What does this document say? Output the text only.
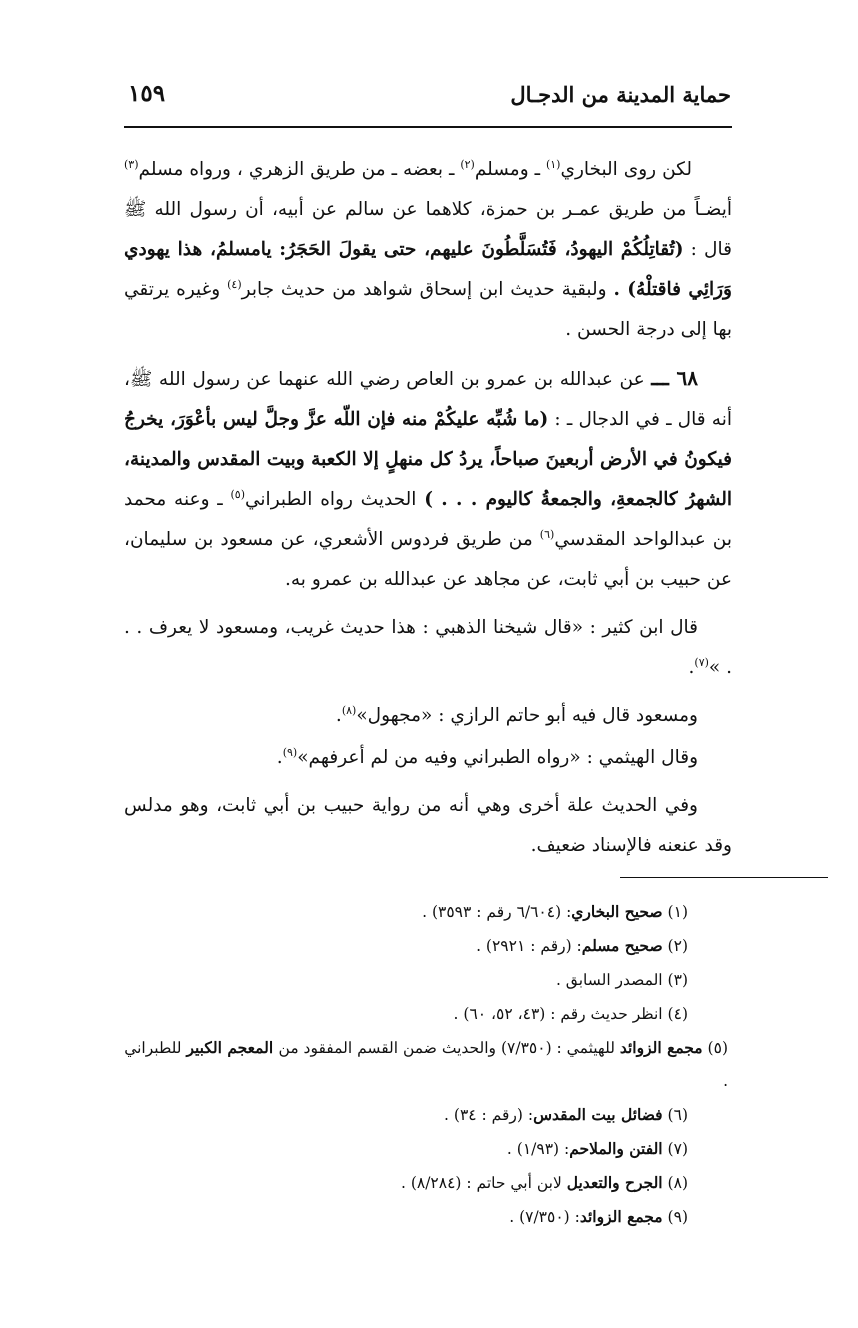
حماية المدينة من الدجـال
١٥٩

لكن روى البخاري$^{(١)}$ ـ ومسلم$^{(٢)}$ ـ بعضه ـ من طريق الزهري ، ورواه مسلم$^{(٣)}$ أيضـاً من طريق عمـر بن حمزة، كلاهما عن سالم عن أبيه، أن رسول الله ﷺ قال : (تُقاتِلُكُمْ اليهودُ، فَتُسَلَّطُونَ عليهم، حتى يقولَ الحَجَرُ: يامسلمُ، هذا يهودي وَرَائِي فاقتلْهُ) . ولبقية حديث ابن إسحاق شواهد من حديث جابر$^{(٤)}$ وغيره يرتقي بها إلى درجة الحسن .

٦٨ ـــ عن عبدالله بن عمرو بن العاص رضي الله عنهما عن رسول الله ﷺ، أنه قال ـ في الدجال ـ : (ما شُبِّه عليكُمْ منه فإن اللّه عزَّ وجلَّ ليس بأعْوَرَ، يخرجُ فيكونُ في الأرض أربعينَ صباحاً، يردُ كل منهلٍ إلا الكعبة وبيت المقدس والمدينة، الشهرُ كالجمعةِ، والجمعةُ كاليوم . . . ) الحديث رواه الطبراني$^{(٥)}$ ـ وعنه محمد بن عبدالواحد المقدسي$^{(٦)}$ من طريق فردوس الأشعري، عن مسعود بن سليمان، عن حبيب بن أبي ثابت، عن مجاهد عن عبدالله بن عمرو به.

قال ابن كثير : «قال شيخنا الذهبي : هذا حديث غريب، ومسعود لا يعرف . . . »$^{(٧)}$.

ومسعود قال فيه أبو حاتم الرازي : «مجهول»$^{(٨)}$.

وقال الهيثمي : «رواه الطبراني وفيه من لم أعرفهم»$^{(٩)}$.

وفي الحديث علة أخرى وهي أنه من رواية حبيب بن أبي ثابت، وهو مدلس وقد عنعنه فالإسناد ضعيف.

(١) صحيح البخاري: (٦/٦٠٤ رقم : ٣٥٩٣) .

(٢) صحيح مسلم: (رقم : ٢٩٢١) .

(٣) المصدر السابق .

(٤) انظر حديث رقم : (٤٣، ٥٢، ٦٠) .

(٥) مجمع الزوائد للهيثمي : (٧/٣٥٠) والحديث ضمن القسم المفقود من المعجم الكبير للطبراني .

(٦) فضائل بيت المقدس: (رقم : ٣٤) .

(٧) الفتن والملاحم: (١/٩٣) .

(٨) الجرح والتعديل لابن أبي حاتم : (٨/٢٨٤) .

(٩) مجمع الزوائد: (٧/٣٥٠) .
